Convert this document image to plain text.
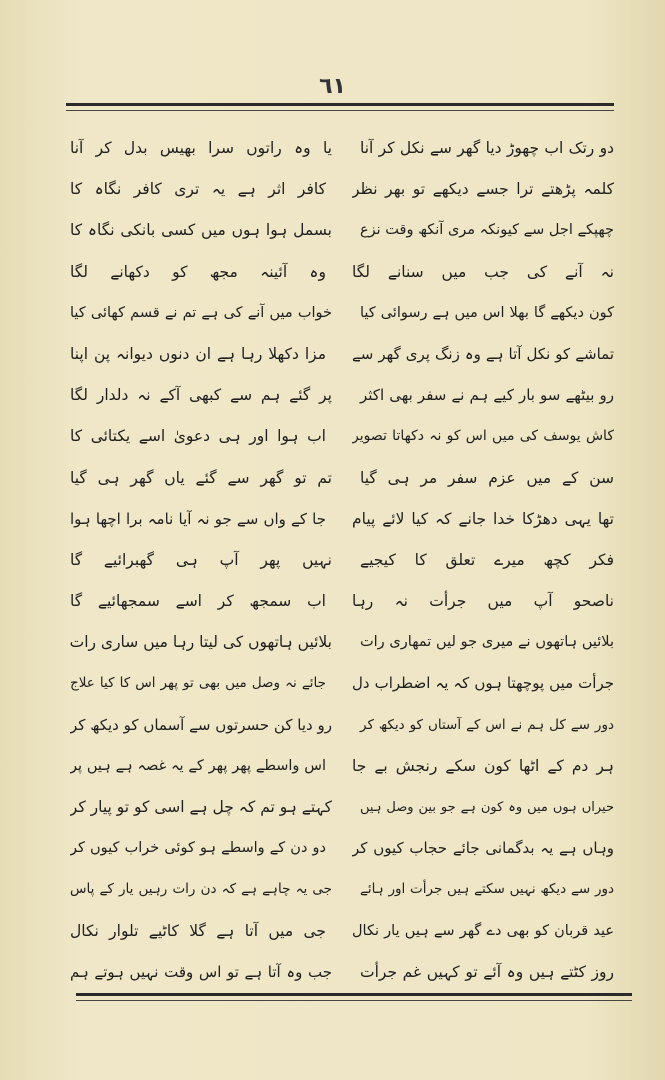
٦١
دو رتک اب چھوڑ دیا گھر سے نکل کر آنا
کلمہ پڑھتے ترا جسے دیکھے تو بھر نظر
چھپکے اجل سے کیونکہ مری آنکھ وقت نزع
نہ آنے کی جب میں سنانے لگا
کون دیکھے گا بھلا اس میں ہے رسوائی کیا
تماشے کو نکل آتا ہے وہ زنگ پری گھر سے
رو بیٹھے سو بار کیے ہم نے سفر بھی اکثر
کاش یوسف کی میں اس کو نہ دکھاتا تصویر
سن کے میں عزم سفر مر ہی گیا
تھا یہی دھڑکا خدا جانے کہ کیا لائے پیام
فکر کچھ میرے تعلق کا کیجیے
ناصحو آپ میں جرأت نہ رہا
بلائیں ہاتھوں نے میری جو لیں تمھاری رات
جرأت میں پوچھتا ہوں کہ یہ اضطراب دل
دور سے کل ہم نے اس کے آستاں کو دیکھ کر
ہر دم کے اٹھا کون سکے رنجش بے جا
حیراں ہوں میں وہ کون ہے جو بین وصل ہیں
وہاں ہے یہ بدگمانی جائے حجاب کیوں کر
دور سے دیکھ نہیں سکتے ہیں جرأت اور ہائے
عید قربان کو بھی دے گھر سے ہیں یار نکال
روز کٹتے ہیں وہ آئے تو کہیں غم جرأت
یا وہ راتوں سرا بھیس بدل کر آنا
کافر اثر ہے یہ تری کافر نگاہ کا
بسمل ہوا ہوں میں کسی بانکی نگاہ کا
وہ آئینہ مجھ کو دکھانے لگا
خواب میں آنے کی ہے تم نے قسم کھائی کیا
مزا دکھلا رہا ہے ان دنوں دیوانہ پن اپنا
پر گئے ہم سے کبھی آکے نہ دلدار لگا
اب ہوا اور ہی دعویٰ اسے یکتائی کا
تم تو گھر سے گئے یاں گھر ہی گیا
جا کے واں سے جو نہ آیا نامہ برا اچھا ہوا
نہیں پھر آپ ہی گھبرائیے گا
اب سمجھ کر اسے سمجھائیے گا
بلائیں ہاتھوں کی لیتا رہا میں ساری رات
جائے نہ وصل میں بھی تو پھر اس کا کیا علاج
رو دیا کن حسرتوں سے آسماں کو دیکھ کر
اس واسطے پھر پھر کے یہ غصہ ہے ہیں پر
کہتے ہو تم کہ چل ہے اسی کو تو پیار کر
دو دن کے واسطے ہو کوئی خراب کیوں کر
جی یہ چاہے ہے کہ دن رات رہیں یار کے پاس
جی میں آتا ہے گلا کاٹیے تلوار نکال
جب وہ آتا ہے تو اس وقت نہیں ہوتے ہم
